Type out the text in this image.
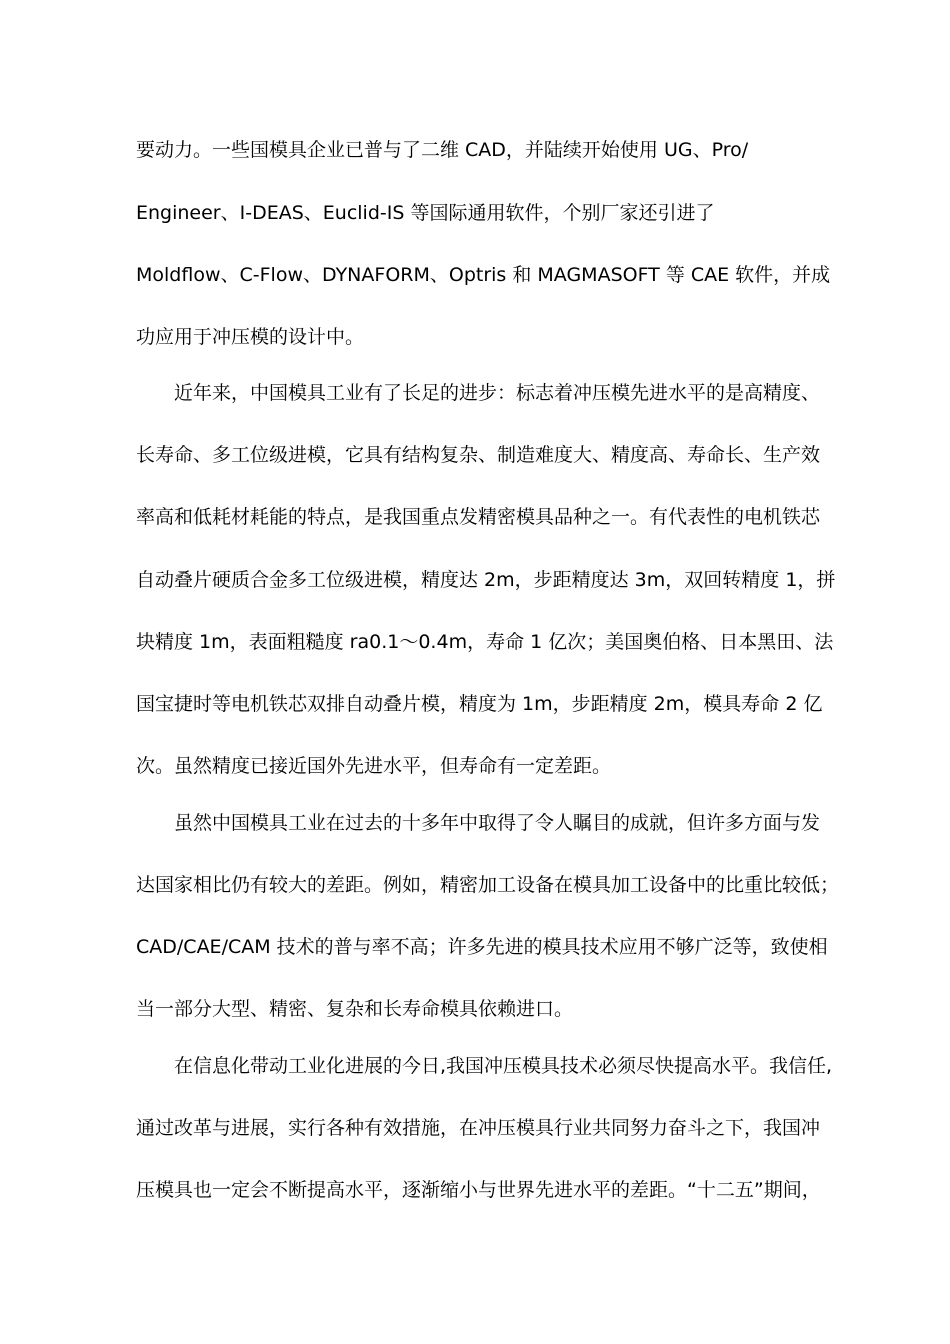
要动力。一些国模具企业已普与了二维 CAD，并陆续开始使用 UG、Pro/
Engineer、I-DEAS、Euclid-IS 等国际通用软件，个别厂家还引进了
Moldflow、C-Flow、DYNAFORM、Optris 和 MAGMASOFT 等 CAE 软件，并成
功应用于冲压模的设计中。
近年来，中国模具工业有了长足的进步：标志着冲压模先进水平的是高精度、
长寿命、多工位级进模，它具有结构复杂、制造难度大、精度高、寿命长、生产效
率高和低耗材耗能的特点，是我国重点发精密模具品种之一。有代表性的电机铁芯
自动叠片硬质合金多工位级进模，精度达 2m，步距精度达 3m，双回转精度 1，拼
块精度 1m，表面粗糙度 ra0.1～0.4m，寿命 1 亿次；美国奥伯格、日本黑田、法
国宝捷时等电机铁芯双排自动叠片模，精度为 1m，步距精度 2m，模具寿命 2 亿
次。虽然精度已接近国外先进水平，但寿命有一定差距。
虽然中国模具工业在过去的十多年中取得了令人瞩目的成就，但许多方面与发
达国家相比仍有较大的差距。例如，精密加工设备在模具加工设备中的比重比较低；
CAD/CAE/CAM 技术的普与率不高；许多先进的模具技术应用不够广泛等，致使相
当一部分大型、精密、复杂和长寿命模具依赖进口。
在信息化带动工业化进展的今日,我国冲压模具技术必须尽快提高水平。我信任,
通过改革与进展，实行各种有效措施，在冲压模具行业共同努力奋斗之下，我国冲
压模具也一定会不断提高水平，逐渐缩小与世界先进水平的差距。“十二五”期间，
